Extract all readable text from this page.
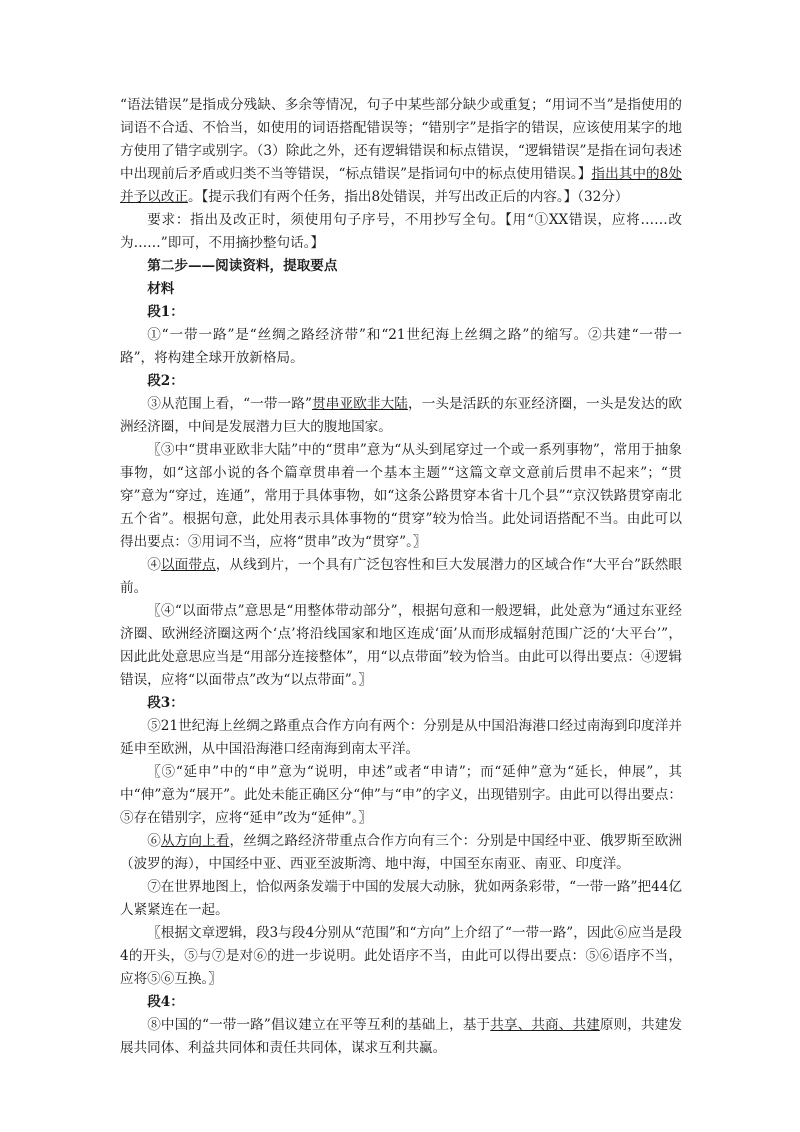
“语法错误”是指成分残缺、多余等情况，句子中某些部分缺少或重复；“用词不当”是指使用的词语不合适、不恰当，如使用的词语搭配错误等；“错别字”是指字的错误，应该使用某字的地方使用了错字或别字。（3）除此之外，还有逻辑错误和标点错误，“逻辑错误”是指在词句表述中出现前后矛盾或归类不当等错误，“标点错误”是指词句中的标点使用错误。】指出其中的8处并予以改正。【提示我们有两个任务，指出8处错误，并写出改正后的内容。】（32分）

要求：指出及改正时，须使用句子序号，不用抄写全句。【用“①XX错误，应将……改为……”即可，不用摘抄整句话。】

第二步——阅读资料，提取要点

材料

段1：

①“一带一路”是“丝绸之路经济带”和“21世纪海上丝绸之路”的缩写。②共建“一带一路”，将构建全球开放新格局。

段2：

③从范围上看，“一带一路”贯串亚欧非大陆，一头是活跃的东亚经济圈，一头是发达的欧洲经济圈，中间是发展潜力巨大的腹地国家。

〖③中“贯串亚欧非大陆”中的“贯串”意为“从头到尾穿过一个或一系列事物”，常用于抽象事物，如“这部小说的各个篇章贯串着一个基本主题”“这篇文章文意前后贯串不起来”；“贯穿”意为“穿过，连通”，常用于具体事物，如“这条公路贯穿本省十几个县”“京汉铁路贯穿南北五个省”。根据句意，此处用表示具体事物的“贯穿”较为恰当。此处词语搭配不当。由此可以得出要点：③用词不当，应将“贯串”改为“贯穿”。〗

④以面带点，从线到片，一个具有广泛包容性和巨大发展潜力的区域合作“大平台”跃然眼前。

〖④“以面带点”意思是“用整体带动部分”，根据句意和一般逻辑，此处意为“通过东亚经济圈、欧洲经济圈这两个‘点’将沿线国家和地区连成‘面’从而形成辐射范围广泛的‘大平台’”，因此此处意思应当是“用部分连接整体”，用“以点带面”较为恰当。由此可以得出要点：④逻辑错误，应将“以面带点”改为“以点带面”。〗

段3：

⑤21世纪海上丝绸之路重点合作方向有两个：分别是从中国沿海港口经过南海到印度洋并延申至欧洲，从中国沿海港口经南海到南太平洋。

〖⑤“延申”中的“申”意为“说明，申述”或者“申请”；而“延伸”意为“延长，伸展”，其中“伸”意为“展开”。此处未能正确区分“伸”与“申”的字义，出现错别字。由此可以得出要点：⑤存在错别字，应将“延申”改为“延伸”。〗

⑥从方向上看，丝绸之路经济带重点合作方向有三个：分别是中国经中亚、俄罗斯至欧洲（波罗的海），中国经中亚、西亚至波斯湾、地中海，中国至东南亚、南亚、印度洋。

⑦在世界地图上，恰似两条发端于中国的发展大动脉，犹如两条彩带，“一带一路”把44亿人紧紧连在一起。

〖根据文章逻辑，段3与段4分别从“范围”和“方向”上介绍了“一带一路”，因此⑥应当是段4的开头，⑤与⑦是对⑥的进一步说明。此处语序不当，由此可以得出要点：⑤⑥语序不当，应将⑤⑥互换。〗

段4：

⑧中国的“一带一路”倡议建立在平等互利的基础上，基于共享、共商、共建原则，共建发展共同体、利益共同体和责任共同体，谋求互利共赢。
